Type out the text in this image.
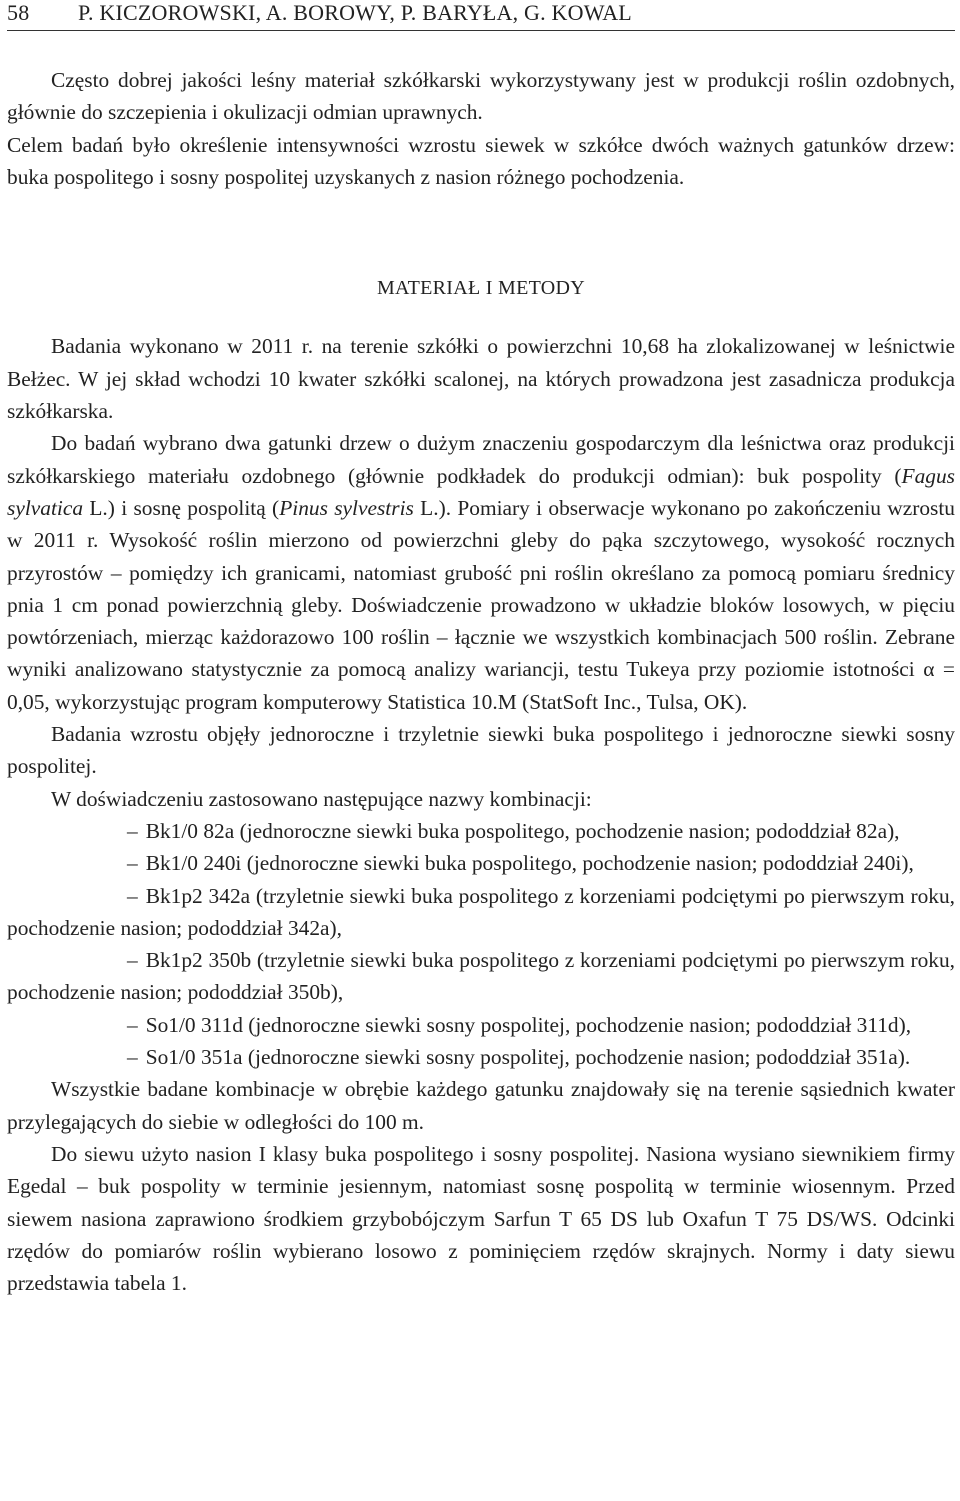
58	P. KICZOROWSKI, A. BOROWY, P. BARYŁA, G. KOWAL

Często dobrej jakości leśny materiał szkółkarski wykorzystywany jest w produkcji roślin ozdobnych, głównie do szczepienia i okulizacji odmian uprawnych.

Celem badań było określenie intensywności wzrostu siewek w szkółce dwóch ważnych gatunków drzew: buka pospolitego i sosny pospolitej uzyskanych z nasion różnego pochodzenia.

MATERIAŁ I METODY

Badania wykonano w 2011 r. na terenie szkółki o powierzchni 10,68 ha zlokalizowanej w leśnictwie Bełżec. W jej skład wchodzi 10 kwater szkółki scalonej, na których prowadzona jest zasadnicza produkcja szkółkarska.

Do badań wybrano dwa gatunki drzew o dużym znaczeniu gospodarczym dla leśnictwa oraz produkcji szkółkarskiego materiału ozdobnego (głównie podkładek do produkcji odmian): buk pospolity (Fagus sylvatica L.) i sosnę pospolitą (Pinus sylvestris L.). Pomiary i obserwacje wykonano po zakończeniu wzrostu w 2011 r. Wysokość roślin mierzono od powierzchni gleby do pąka szczytowego, wysokość rocznych przyrostów – pomiędzy ich granicami, natomiast grubość pni roślin określano za pomocą pomiaru średnicy pnia 1 cm ponad powierzchnią gleby. Doświadczenie prowadzono w układzie bloków losowych, w pięciu powtórzeniach, mierząc każdorazowo 100 roślin – łącznie we wszystkich kombinacjach 500 roślin. Zebrane wyniki analizowano statystycznie za pomocą analizy wariancji, testu Tukeya przy poziomie istotności α = 0,05, wykorzystując program komputerowy Statistica 10.M (StatSoft Inc., Tulsa, OK).

Badania wzrostu objęły jednoroczne i trzyletnie siewki buka pospolitego i jednoroczne siewki sosny pospolitej.

W doświadczeniu zastosowano następujące nazwy kombinacji:

– Bk1/0 82a (jednoroczne siewki buka pospolitego, pochodzenie nasion; pododdział 82a),

– Bk1/0 240i (jednoroczne siewki buka pospolitego, pochodzenie nasion; pododdział 240i),

– Bk1p2 342a (trzyletnie siewki buka pospolitego z korzeniami podciętymi po pierwszym roku, pochodzenie nasion; pododdział 342a),

– Bk1p2 350b (trzyletnie siewki buka pospolitego z korzeniami podciętymi po pierwszym roku, pochodzenie nasion; pododdział 350b),

– So1/0 311d (jednoroczne siewki sosny pospolitej, pochodzenie nasion; pododdział 311d),

– So1/0 351a (jednoroczne siewki sosny pospolitej, pochodzenie nasion; pododdział 351a).

Wszystkie badane kombinacje w obrębie każdego gatunku znajdowały się na terenie sąsiednich kwater przylegających do siebie w odległości do 100 m.

Do siewu użyto nasion I klasy buka pospolitego i sosny pospolitej. Nasiona wysiano siewnikiem firmy Egedal – buk pospolity w terminie jesiennym, natomiast sosnę pospolitą w terminie wiosennym. Przed siewem nasiona zaprawiono środkiem grzybobójczym Sarfun T 65 DS lub Oxafun T 75 DS/WS. Odcinki rzędów do pomiarów roślin wybierano losowo z pominięciem rzędów skrajnych. Normy i daty siewu przedstawia tabela 1.
